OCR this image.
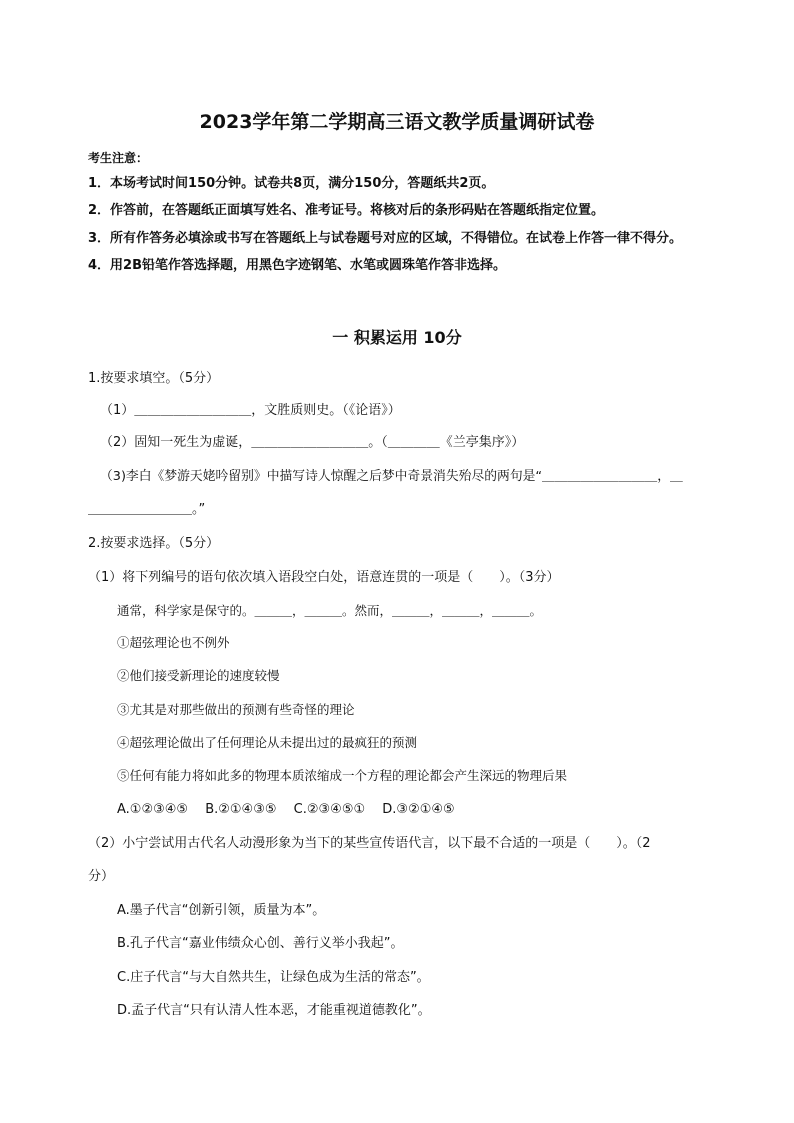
2023学年第二学期高三语文教学质量调研试卷
考生注意：
1．本场考试时间150分钟。试卷共8页，满分150分，答题纸共2页。
2．作答前，在答题纸正面填写姓名、准考证号。将核对后的条形码贴在答题纸指定位置。
3．所有作答务必填涂或书写在答题纸上与试卷题号对应的区域，不得错位。在试卷上作答一律不得分。
4．用2B铅笔作答选择题，用黑色字迹钢笔、水笔或圆珠笔作答非选择。
一 积累运用 10分
1.按要求填空。（5分）
（1）＿＿＿＿＿＿＿＿＿，文胜质则史。（《论语》）
（2）固知一死生为虚诞，＿＿＿＿＿＿＿＿＿。（＿＿＿＿《兰亭集序》）
（3)李白《梦游天姥吟留别》中描写诗人惊醒之后梦中奇景消失殆尽的两句是“＿＿＿＿＿＿＿＿＿，＿
＿＿＿＿＿＿＿＿。”
2.按要求选择。（5分）
（1）将下列编号的语句依次填入语段空白处，语意连贯的一项是（　　）。（3分）
通常，科学家是保守的。＿＿＿，＿＿＿。然而，＿＿＿，＿＿＿，＿＿＿。
①超弦理论也不例外
②他们接受新理论的速度较慢
③尤其是对那些做出的预测有些奇怪的理论
④超弦理论做出了任何理论从未提出过的最疯狂的预测
⑤任何有能力将如此多的物理本质浓缩成一个方程的理论都会产生深远的物理后果
A.①②③④⑤　 B.②①④③⑤　 C.②③④⑤①　 D.③②①④⑤
（2）小宁尝试用古代名人动漫形象为当下的某些宣传语代言，以下最不合适的一项是（　　）。（2
分）
A.墨子代言“创新引领，质量为本”。
B.孔子代言“嘉业伟绩众心创、善行义举小我起”。
C.庄子代言“与大自然共生，让绿色成为生活的常态”。
D.孟子代言“只有认清人性本恶，才能重视道德教化”。
